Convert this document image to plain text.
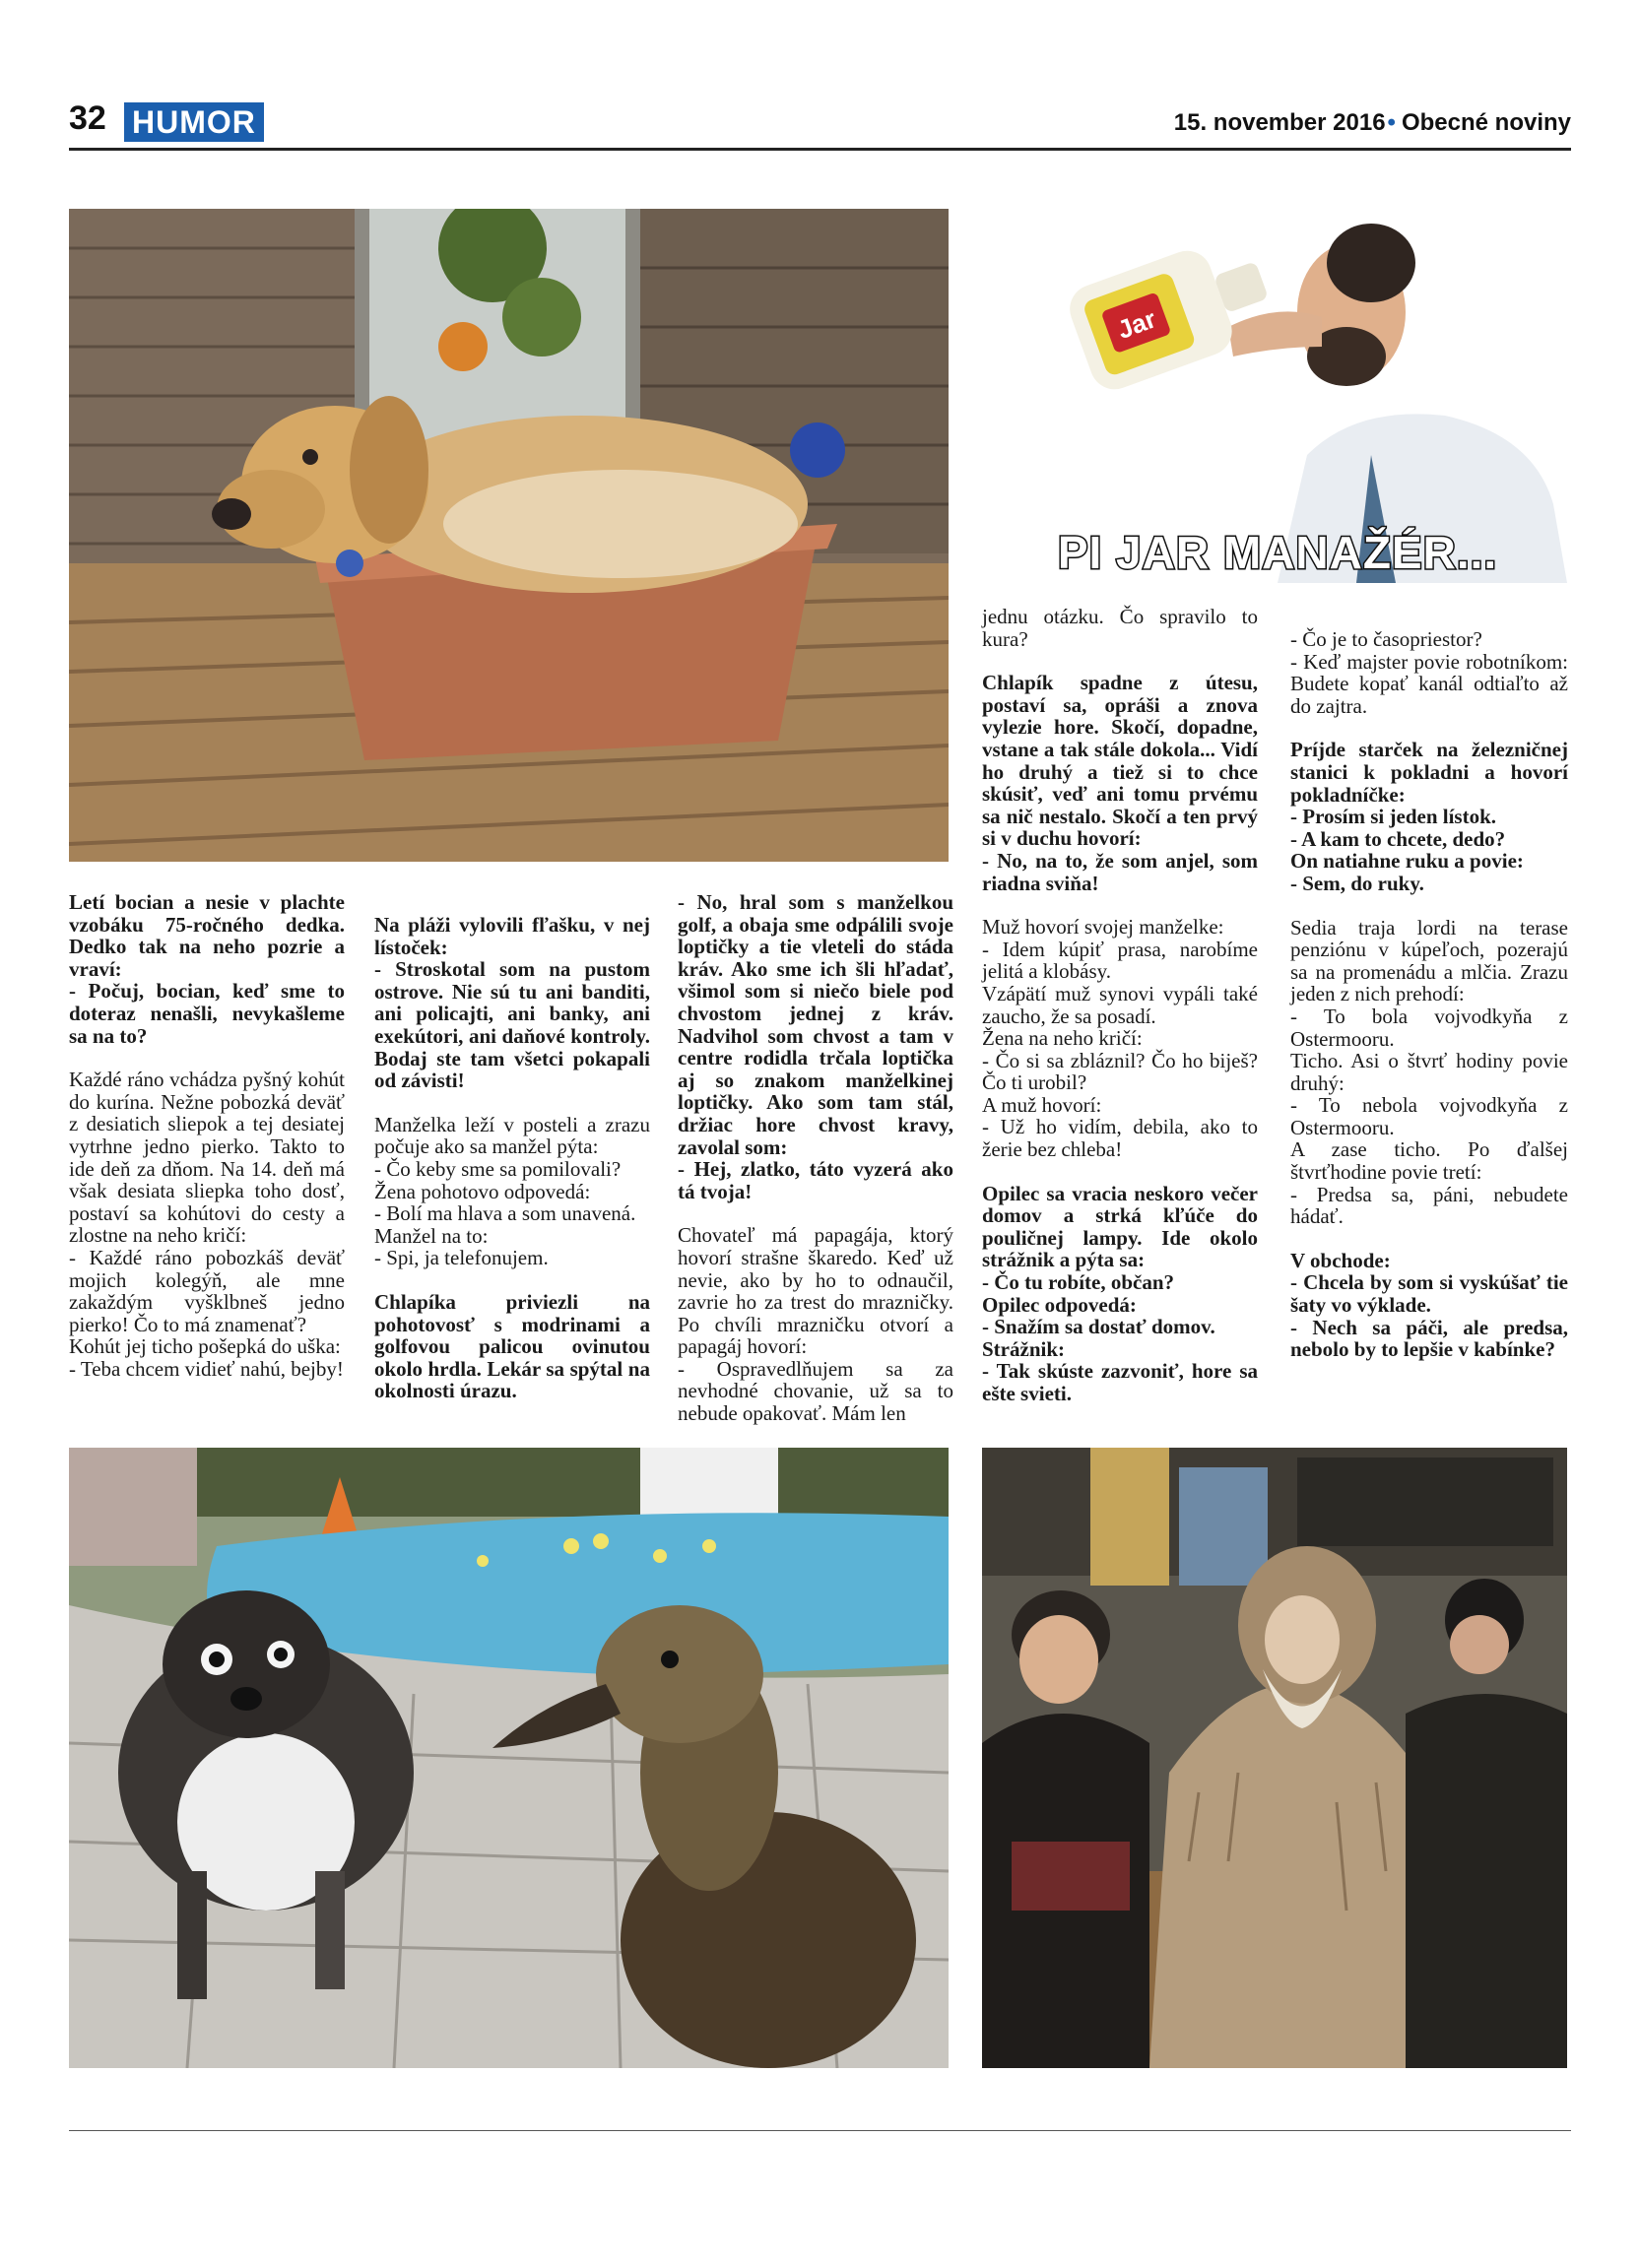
32 HUMOR	15. november 2016• Obecné noviny
Jar
PI JAR MANAŽÉR...

Letí bocian a nesie v plachte vzobáku 75-ročného dedka. Dedko tak na neho pozrie a vraví:
- Počuj, bocian, keď sme to doteraz nenašli, nevykašleme sa na to?

Každé ráno vchádza pyšný kohút do kurína. Nežne pobozká deväť z desiatich sliepok a tej desiatej vytrhne jedno pierko. Takto to ide deň za dňom. Na 14. deň má však desiata sliepka toho dosť, postaví sa kohútovi do cesty a zlostne na neho kričí:
- Každé ráno pobozkáš deväť mojich kolegýň, ale mne zakaždým vyšklbneš jedno pierko! Čo to má znamenať?
Kohút jej ticho pošepká do uška:
- Teba chcem vidieť nahú, bejby!

Na pláži vylovili fľašku, v nej lístoček:
- Stroskotal som na pustom ostrove. Nie sú tu ani banditi, ani policajti, ani banky, ani exekútori, ani daňové kontroly. Bodaj ste tam všetci pokapali od závisti!

Manželka leží v posteli a zrazu počuje ako sa manžel pýta:
- Čo keby sme sa pomilovali?
Žena pohotovo odpovedá:
- Bolí ma hlava a som unavená.
Manžel na to:
- Spi, ja telefonujem.

Chlapíka priviezli na pohotovosť s modrinami a golfovou palicou ovinutou okolo hrdla. Lekár sa spýtal na okolnosti úrazu.

- No, hral som s manželkou golf, a obaja sme odpálili svoje loptičky a tie vleteli do stáda kráv. Ako sme ich šli hľadať, všimol som si niečo biele pod chvostom jednej z kráv. Nadvihol som chvost a tam v centre rodidla trčala loptička aj so znakom manželkinej loptičky. Ako som tam stál, držiac hore chvost kravy, zavolal som:
- Hej, zlatko, táto vyzerá ako tá tvoja!

Chovateľ má papagája, ktorý hovorí strašne škaredo. Keď už nevie, ako by ho to odnaučil, zavrie ho za trest do mrazničky. Po chvíli mrazničku otvorí a papagáj hovorí:
- Ospravedlňujem sa za nevhodné chovanie, už sa to nebude opakovať. Mám len

jednu otázku. Čo spravilo to kura?

Chlapík spadne z útesu, postaví sa, opráši a znova vylezie hore. Skočí, dopadne, vstane a tak stále dokola... Vidí ho druhý a tiež si to chce skúsiť, veď ani tomu prvému sa nič nestalo. Skočí a ten prvý si v duchu hovorí:
- No, na to, že som anjel, som riadna sviňa!

Muž hovorí svojej manželke:
- Idem kúpiť prasa, narobíme jelitá a klobásy.
Vzápätí muž synovi vypáli také zaucho, že sa posadí.
Žena na neho kričí:
- Čo si sa zbláznil? Čo ho biješ? Čo ti urobil?
A muž hovorí:
- Už ho vidím, debila, ako to žerie bez chleba!

Opilec sa vracia neskoro večer domov a strká kľúče do pouličnej lampy. Ide okolo strážnik a pýta sa:
- Čo tu robíte, občan?
Opilec odpovedá:
- Snažím sa dostať domov.
Strážnik:
- Tak skúste zazvoniť, hore sa ešte svieti.

- Čo je to časopriestor?
- Keď majster povie robotníkom: Budete kopať kanál odtiaľto až do zajtra.

Príjde starček na železničnej stanici k pokladni a hovorí pokladníčke:
- Prosím si jeden lístok.
- A kam to chcete, dedo?
On natiahne ruku a povie:
- Sem, do ruky.

Sedia traja lordi na terase penziónu v kúpeľoch, pozerajú sa na promenádu a mlčia. Zrazu jeden z nich prehodí:
- To bola vojvodkyňa z Ostermooru.
Ticho. Asi o štvrť hodiny povie druhý:
- To nebola vojvodkyňa z Ostermooru.
A zase ticho. Po ďalšej štvrťhodine povie tretí:
- Predsa sa, páni, nebudete hádať.

V obchode:
- Chcela by som si vyskúšať tie šaty vo výklade.
- Nech sa páči, ale predsa, nebolo by to lepšie v kabínke?
